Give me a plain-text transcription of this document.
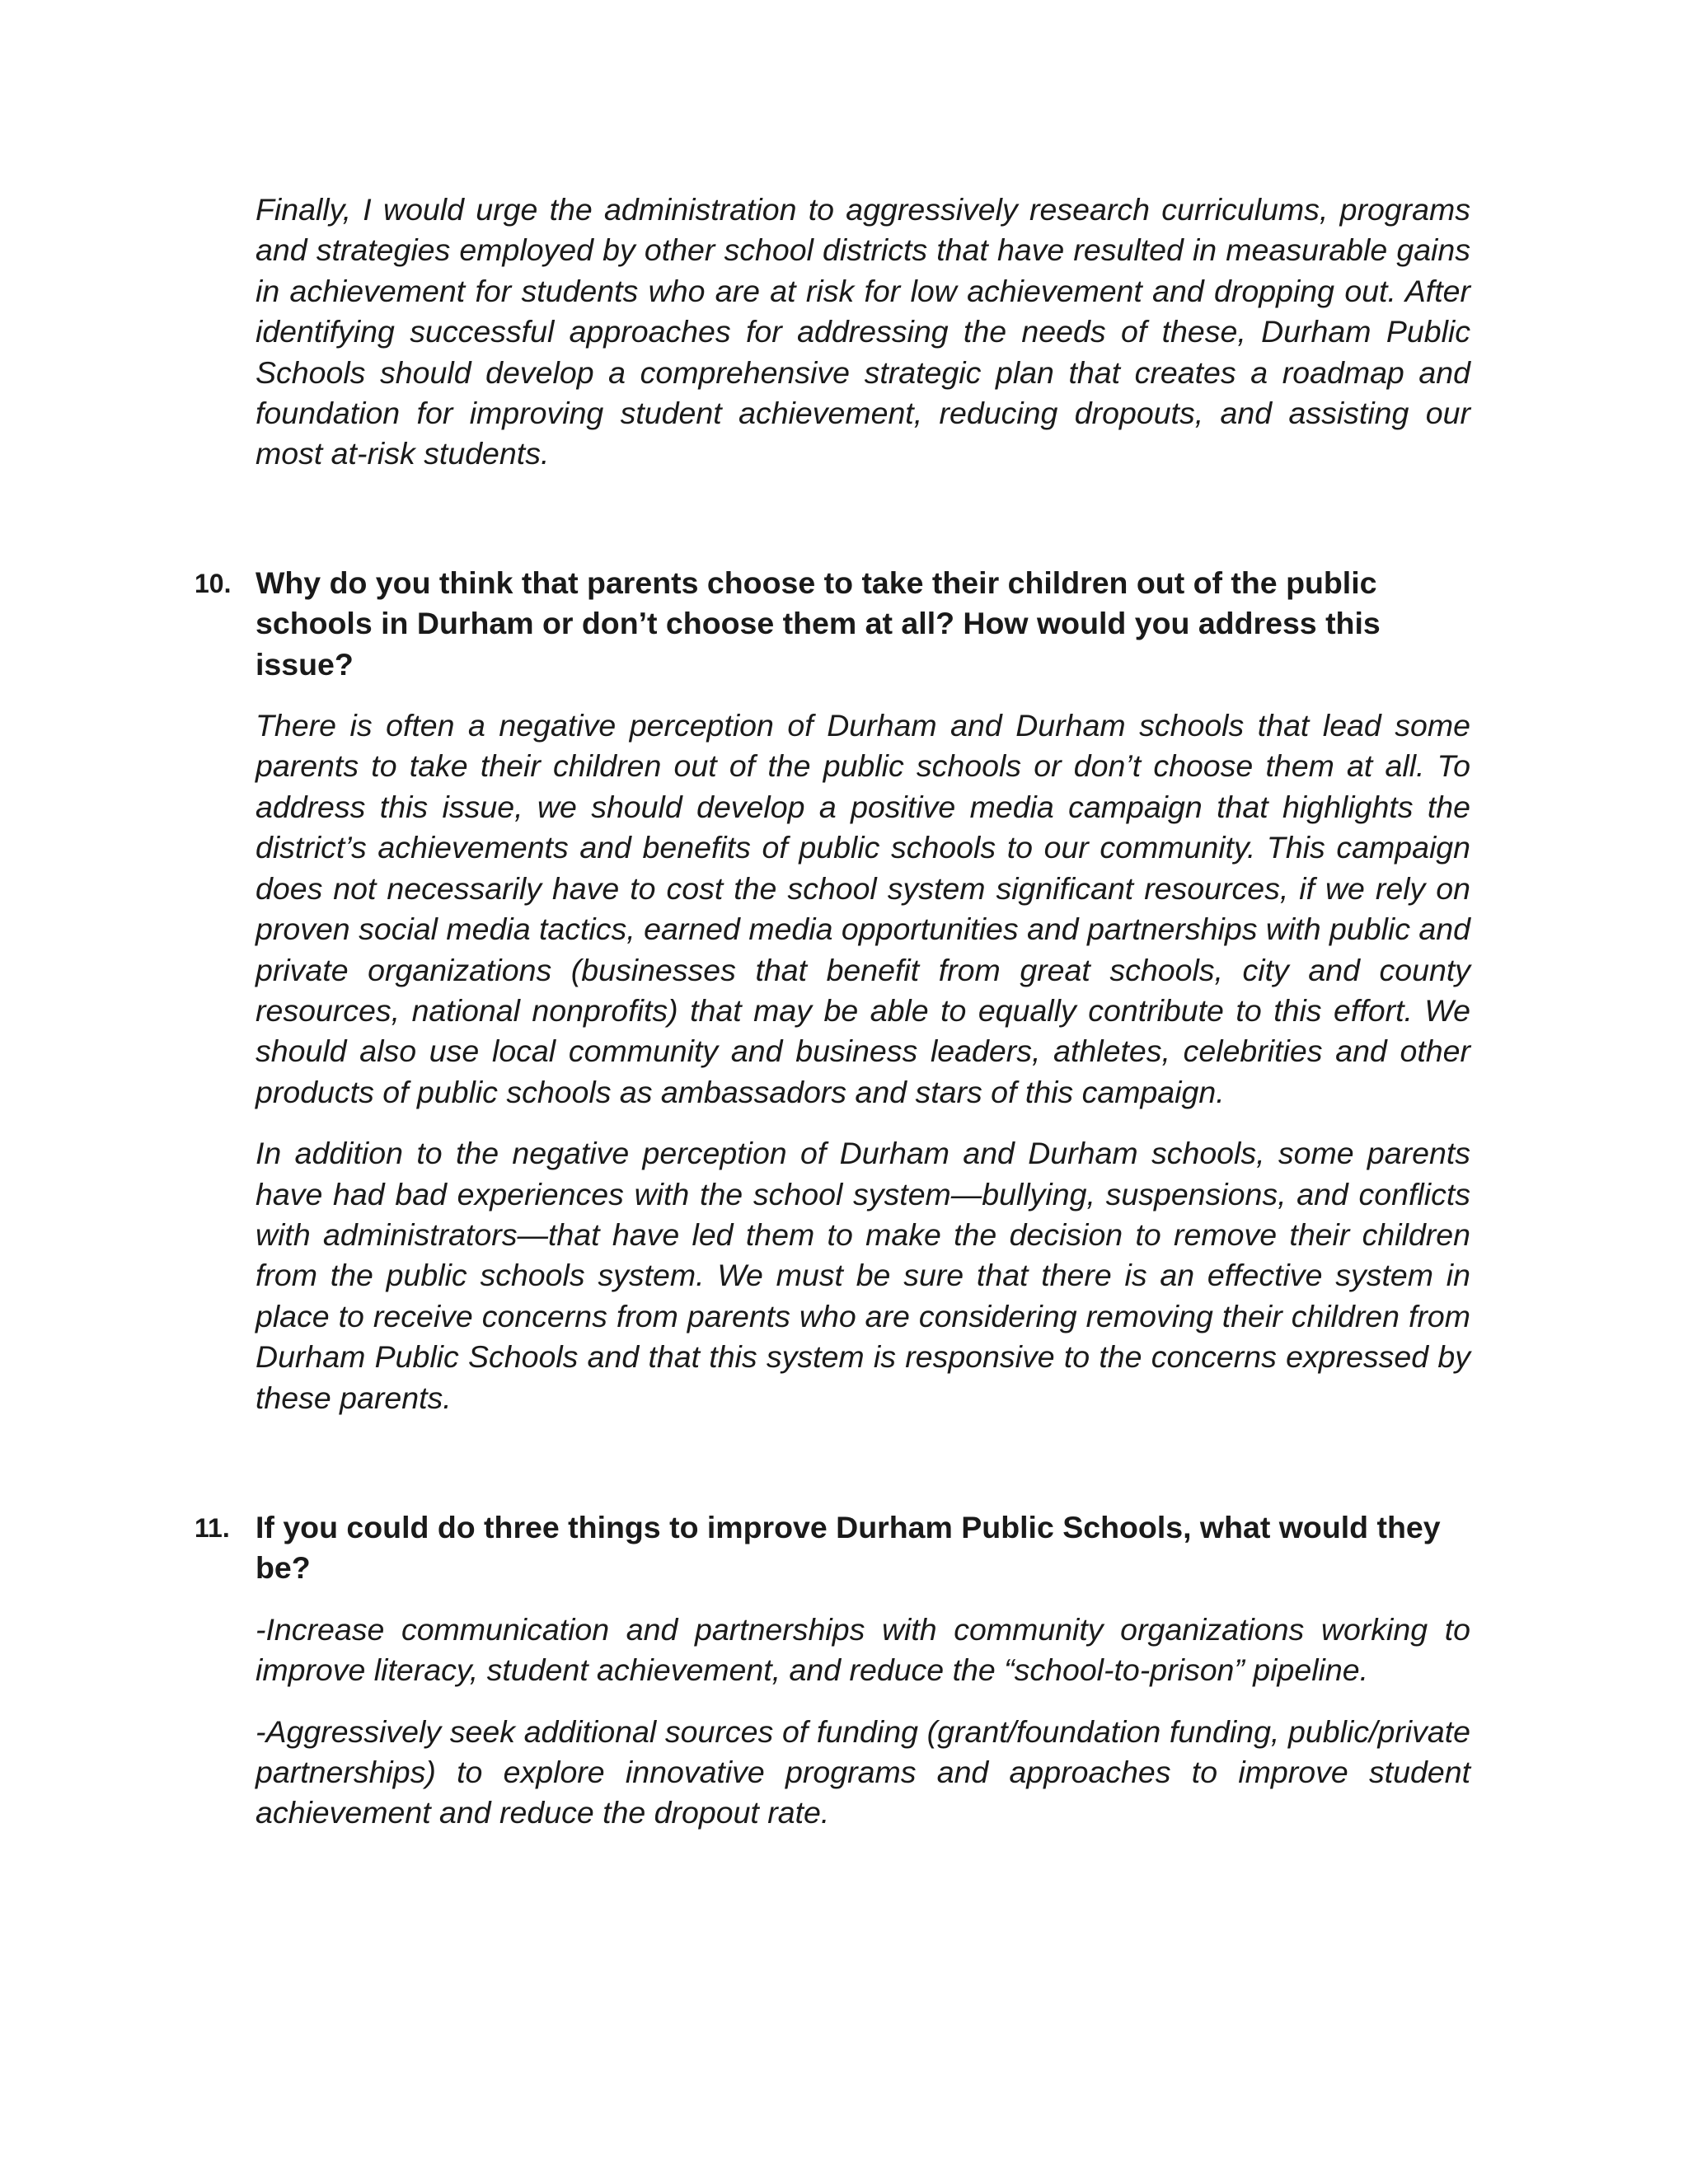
Finally, I would urge the administration to aggressively research curriculums, programs and strategies employed by other school districts that have resulted in measurable gains in achievement for students who are at risk for low achievement and dropping out. After identifying successful approaches for addressing the needs of these, Durham Public Schools should develop a comprehensive strategic plan that creates a roadmap and foundation for improving student achievement, reducing dropouts, and assisting our most at-risk students.

10. Why do you think that parents choose to take their children out of the public schools in Durham or don’t choose them at all? How would you address this issue?

There is often a negative perception of Durham and Durham schools that lead some parents to take their children out of the public schools or don’t choose them at all. To address this issue, we should develop a positive media campaign that highlights the district’s achievements and benefits of public schools to our community. This campaign does not necessarily have to cost the school system significant resources, if we rely on proven social media tactics, earned media opportunities and partnerships with public and private organizations (businesses that benefit from great schools, city and county resources, national nonprofits) that may be able to equally contribute to this effort. We should also use local community and business leaders, athletes, celebrities and other products of public schools as ambassadors and stars of this campaign.

In addition to the negative perception of Durham and Durham schools, some parents have had bad experiences with the school system—bullying, suspensions, and conflicts with administrators—that have led them to make the decision to remove their children from the public schools system. We must be sure that there is an effective system in place to receive concerns from parents who are considering removing their children from Durham Public Schools and that this system is responsive to the concerns expressed by these parents.

11. If you could do three things to improve Durham Public Schools, what would they be?

-Increase communication and partnerships with community organizations working to improve literacy, student achievement, and reduce the “school-to-prison” pipeline.

-Aggressively seek additional sources of funding (grant/foundation funding, public/private partnerships) to explore innovative programs and approaches to improve student achievement and reduce the dropout rate.
